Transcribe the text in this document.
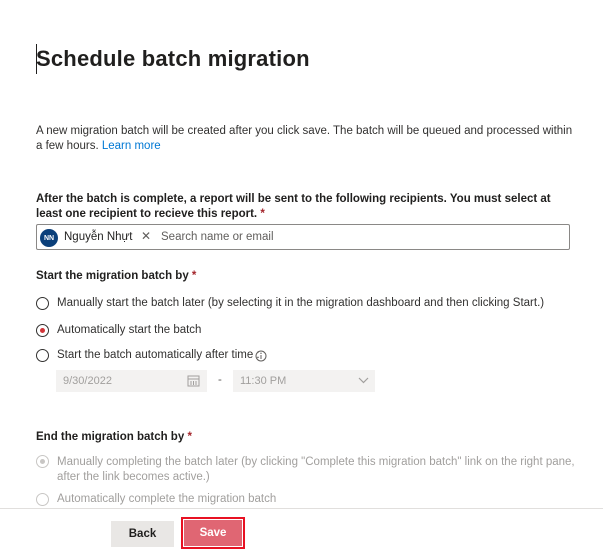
Schedule batch migration
A new migration batch will be created after you click save. The batch will be queued and processed within a few hours. Learn more
After the batch is complete, a report will be sent to the following recipients. You must select at least one recipient to recieve this report. *
NN Nguyễn Nhựt ✕ Search name or email
Start the migration batch by *
Manually start the batch later (by selecting it in the migration dashboard and then clicking Start.)
Automatically start the batch
Start the batch automatically after time :
9/30/2022	- 11:30 PM
End the migration batch by *
Manually completing the batch later (by clicking "Complete this migration batch" link on the right pane, after the link becomes active.)
Automatically complete the migration batch
Back	Save
